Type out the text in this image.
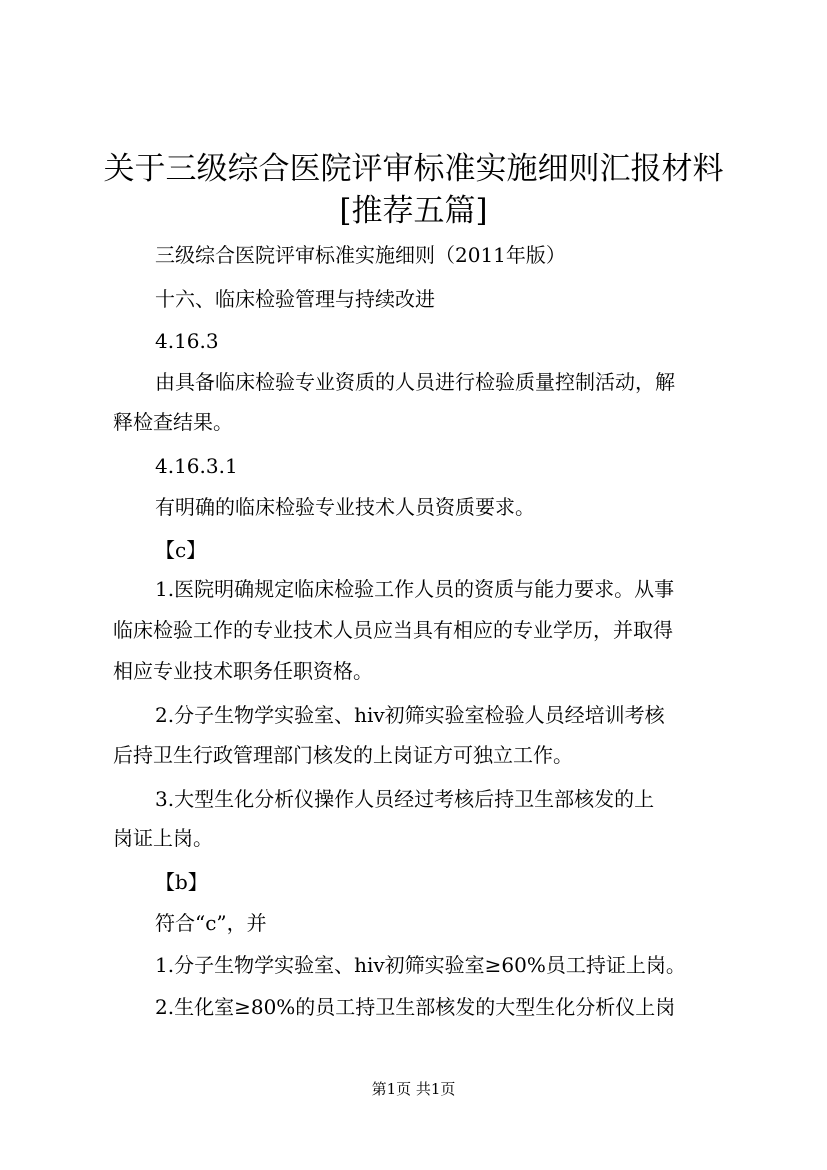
关于三级综合医院评审标准实施细则汇报材料
[推荐五篇]
三级综合医院评审标准实施细则（2011年版）
十六、临床检验管理与持续改进
4.16.3
由具备临床检验专业资质的人员进行检验质量控制活动，解
释检查结果。
4.16.3.1
有明确的临床检验专业技术人员资质要求。
【c】
1.医院明确规定临床检验工作人员的资质与能力要求。从事
临床检验工作的专业技术人员应当具有相应的专业学历，并取得
相应专业技术职务任职资格。
2.分子生物学实验室、hiv初筛实验室检验人员经培训考核
后持卫生行政管理部门核发的上岗证方可独立工作。
3.大型生化分析仪操作人员经过考核后持卫生部核发的上
岗证上岗。
【b】
符合“c”，并
1.分子生物学实验室、hiv初筛实验室≥60%员工持证上岗。
2.生化室≥80%的员工持卫生部核发的大型生化分析仪上岗
第1页 共1页
